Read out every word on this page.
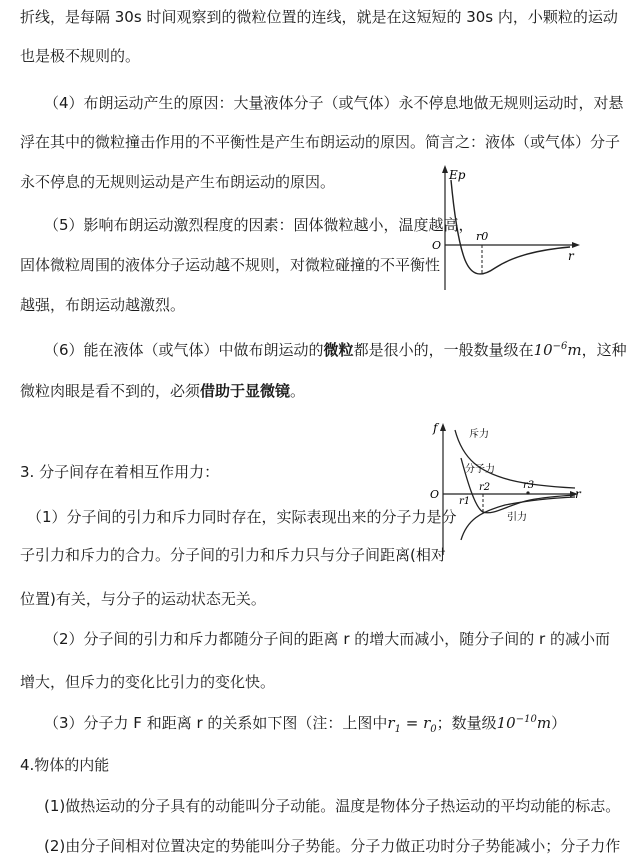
折线，是每隔 30s 时间观察到的微粒位置的连线，就是在这短短的 30s 内，小颗粒的运动
也是极不规则的。
（4）布朗运动产生的原因：大量液体分子（或气体）永不停息地做无规则运动时，对悬
浮在其中的微粒撞击作用的不平衡性是产生布朗运动的原因。简言之：液体（或气体）分子
永不停息的无规则运动是产生布朗运动的原因。
（5）影响布朗运动激烈程度的因素：固体微粒越小，温度越高，
固体微粒周围的液体分子运动越不规则，对微粒碰撞的不平衡性
越强，布朗运动越激烈。
Ep
O
r0
r
（6）能在液体（或气体）中做布朗运动的微粒都是很小的，一般数量级在$10^{-6}m$，这种
微粒肉眼是看不到的，必须借助于显微镜。
3. 分子间存在着相互作用力：
（1）分子间的引力和斥力同时存在，实际表现出来的分子力是分
子引力和斥力的合力。分子间的引力和斥力只与分子间距离(相对
位置)有关，与分子的运动状态无关。
f	斥力
分子力
O
r1
r2	r3
r
引力
（2）分子间的引力和斥力都随分子间的距离 r 的增大而减小，随分子间的 r 的减小而
增大，但斥力的变化比引力的变化快。
（3）分子力 F 和距离 r 的关系如下图（注：上图中$r_1 = r_0$；数量级$10^{-10}m$）
4.物体的内能
(1)做热运动的分子具有的动能叫分子动能。温度是物体分子热运动的平均动能的标志。
(2)由分子间相对位置决定的势能叫分子势能。分子力做正功时分子势能减小；分子力作
